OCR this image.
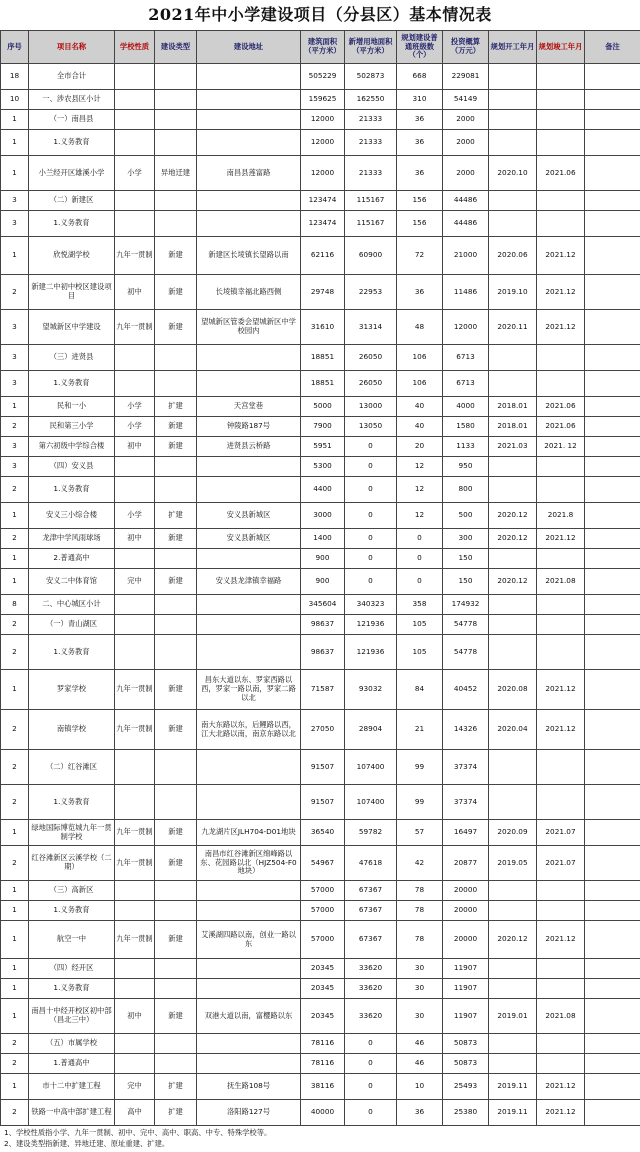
2021年中小学建设项目（分县区）基本情况表
序号	项目名称	学校性质	建设类型	建设地址	建筑面积（平方米）	新增用地面积（平方米）	规划建设普通班级数（个）	投资概算（万元）	规划开工年月	规划竣工年月	备注
18	全市合计				505229	502873	668	229081			
10	一、涉农县区小计				159625	162550	310	54149			
1	（一）南昌县				12000	21333	36	2000			
1	1.义务教育				12000	21333	36	2000			
1	小兰经开区雄溪小学	小学	异地迁建	南昌县莲富路	12000	21333	36	2000	2020.10	2021.06	
3	（二）新建区				123474	115167	156	44486			
3	1.义务教育				123474	115167	156	44486			
1	欣悦湖学校	九年一贯制	新建	新建区长堎镇长望路以南	62116	60900	72	21000	2020.06	2021.12	
2	新建二中初中校区建设项目	初中	新建	长堎镇幸福北路西侧	29748	22953	36	11486	2019.10	2021.12	
3	望城新区中学建设	九年一贯制	新建	望城新区管委会望城新区中学校园内	31610	31314	48	12000	2020.11	2021.12	
3	（三）进贤县				18851	26050	106	6713			
3	1.义务教育				18851	26050	106	6713			
1	民和一小	小学	扩建	天宫堂巷	5000	13000	40	4000	2018.01	2021.06	
2	民和第三小学	小学	新建	钟陵路187号	7900	13050	40	1580	2018.01	2021.06	
3	第六初级中学综合楼	初中	新建	进贤县云桥路	5951	0	20	1133	2021.03	2021. 12	
3	（四）安义县				5300	0	12	950			
2	1.义务教育				4400	0	12	800			
1	安义三小综合楼	小学	扩建	安义县新城区	3000	0	12	500	2020.12	2021.8	
2	龙津中学风雨球场	初中	新建	安义县新城区	1400	0	0	300	2020.12	2021.12	
1	2.普通高中				900	0	0	150			
1	安义二中体育馆	完中	新建	安义县龙津镇幸福路	900	0	0	150	2020.12	2021.08	
8	二、中心城区小计				345604	340323	358	174932			
2	（一）青山湖区				98637	121936	105	54778			
2	1.义务教育				98637	121936	105	54778			
1	罗家学校	九年一贯制	新建	昌东大道以东、罗家西路以西，罗家一路以南，罗家二路以北	71587	93032	84	40452	2020.08	2021.12	
2	南镇学校	九年一贯制	新建	南大东路以东，后鲤路以西，江大北路以南，南京东路以北	27050	28904	21	14326	2020.04	2021.12	
2	（二）红谷滩区				91507	107400	99	37374			
2	1.义务教育				91507	107400	99	37374			
1	绿地国际博览城九年一贯制学校	九年一贯制	新建	九龙湖片区JLH704-D01地块	36540	59782	57	16497	2020.09	2021.07	
2	红谷滩新区云溪学校（二期）	九年一贯制	新建	南昌市红谷滩新区绵峰路以东、花园路以北（HJZ504-F0地块）	54967	47618	42	20877	2019.05	2021.07	
1	（三）高新区				57000	67367	78	20000			
1	1.义务教育				57000	67367	78	20000			
1	航空一中	九年一贯制	新建	艾溪湖四路以南，创业一路以东	57000	67367	78	20000	2020.12	2021.12	
1	（四）经开区				20345	33620	30	11907			
1	1.义务教育				20345	33620	30	11907			
1	南昌十中经开校区初中部（昌北三中）	初中	新建	双港大道以南，富樱路以东	20345	33620	30	11907	2019.01	2021.08	
2	（五）市属学校				78116	0	46	50873			
2	1.普通高中				78116	0	46	50873			
1	市十二中扩建工程	完中	扩建	抚生路108号	38116	0	10	25493	2019.11	2021.12	
2	铁路一中高中部扩建工程	高中	扩建	洛阳路127号	40000	0	36	25380	2019.11	2021.12	
1、学校性质指小学、九年一贯制、初中、完中、高中、职高、中专、特殊学校等。
2、建设类型指新建、异地迁建、原址重建、扩建。
